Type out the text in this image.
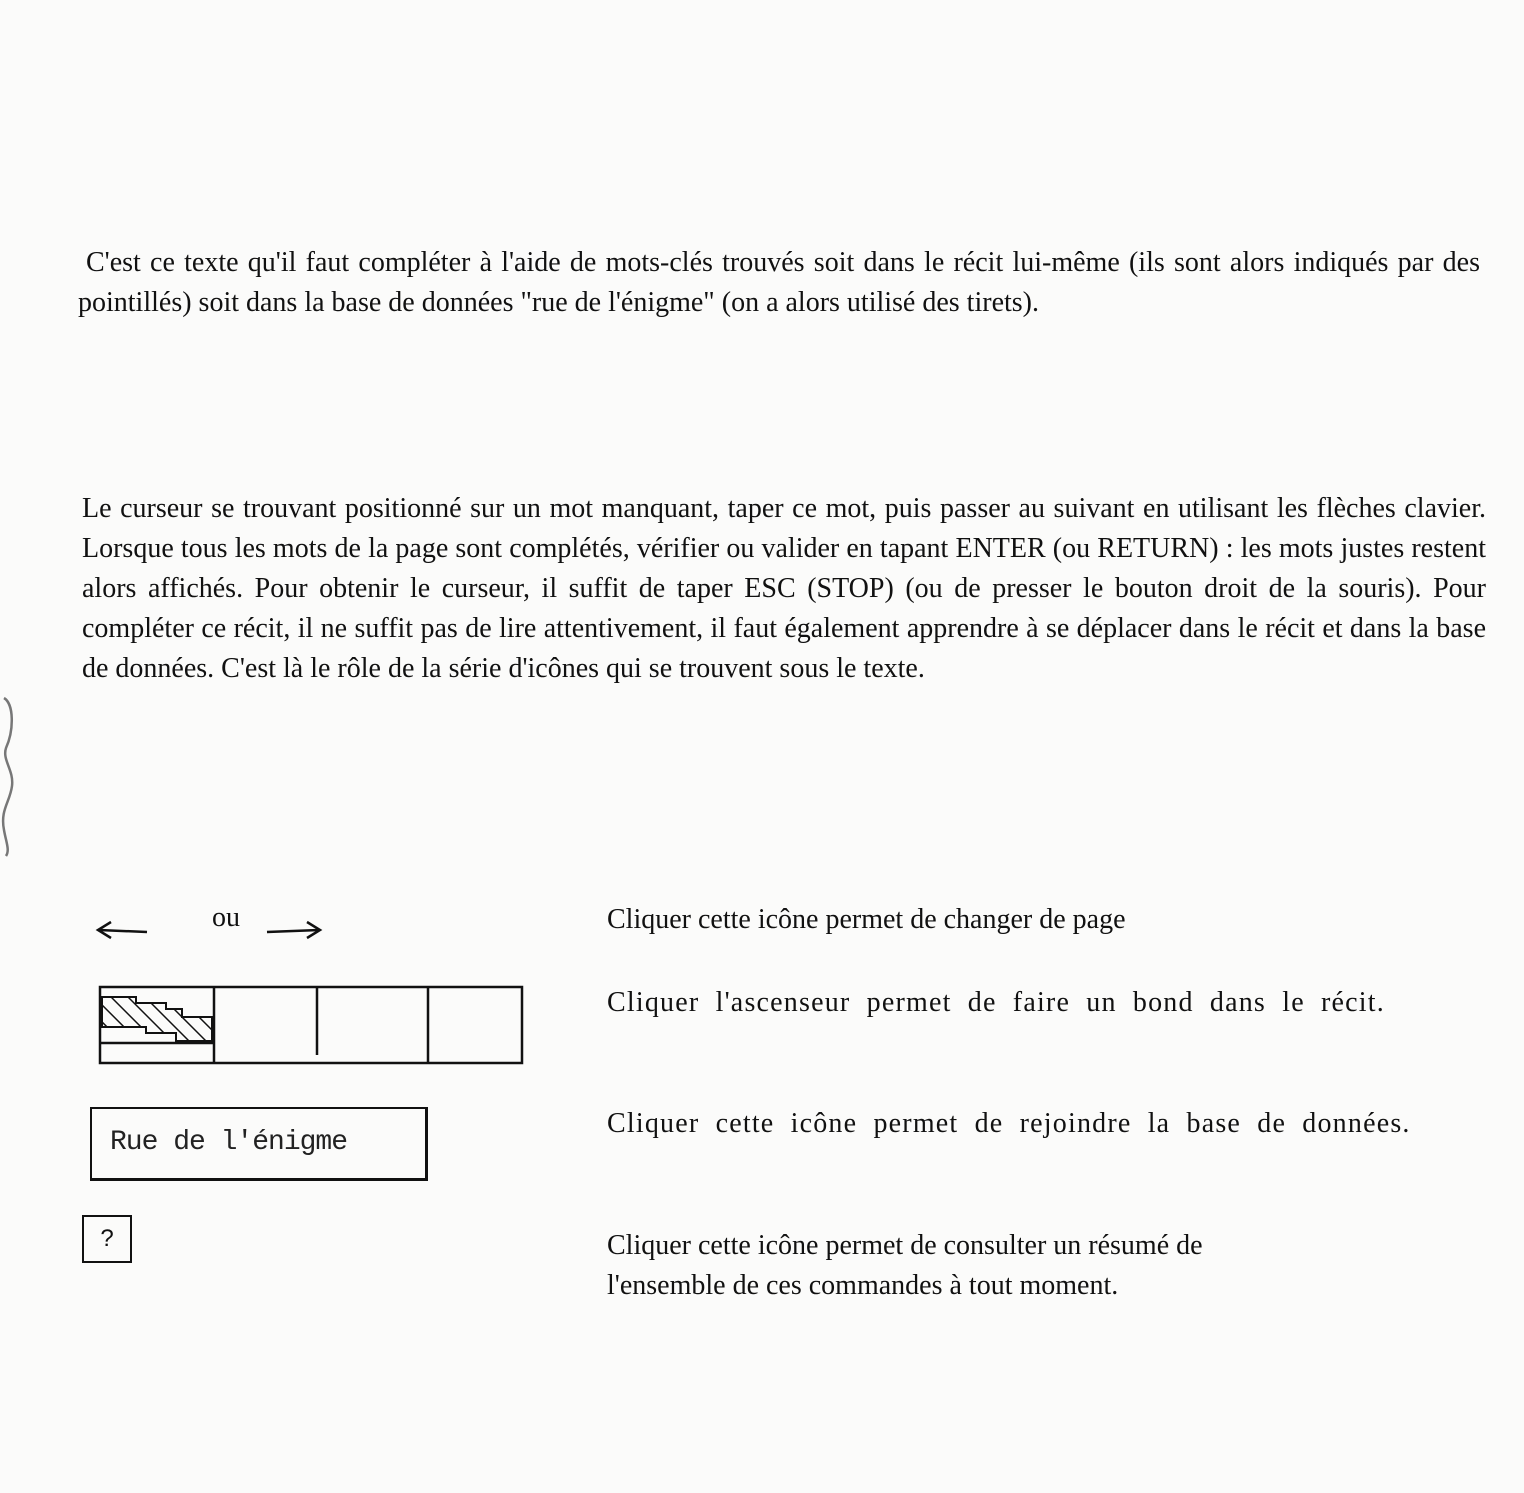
C'est ce texte qu'il faut compléter à l'aide de mots-clés trouvés soit dans le récit lui-même (ils sont alors indiqués par des pointillés) soit dans la base de données "rue de l'énigme" (on a alors utilisé des tirets).

Le curseur se trouvant positionné sur un mot manquant, taper ce mot, puis passer au suivant en utilisant les flèches clavier. Lorsque tous les mots de la page sont complétés, vérifier ou valider en tapant ENTER (ou RETURN) : les mots justes restent alors affichés. Pour obtenir le curseur, il suffit de taper ESC (STOP) (ou de presser le bouton droit de la souris). Pour compléter ce récit, il ne suffit pas de lire attentivement, il faut également apprendre à se déplacer dans le récit et dans la base de données. C'est là le rôle de la série d'icônes qui se trouvent sous le texte.

ou	Cliquer cette icône permet de changer de page

Cliquer l'ascenseur permet de faire un bond dans le récit.

Rue de l'énigme

Cliquer cette icône permet de rejoindre la base de données.

?	Cliquer cette icône permet de consulter un résumé de
l'ensemble de ces commandes à tout moment.
